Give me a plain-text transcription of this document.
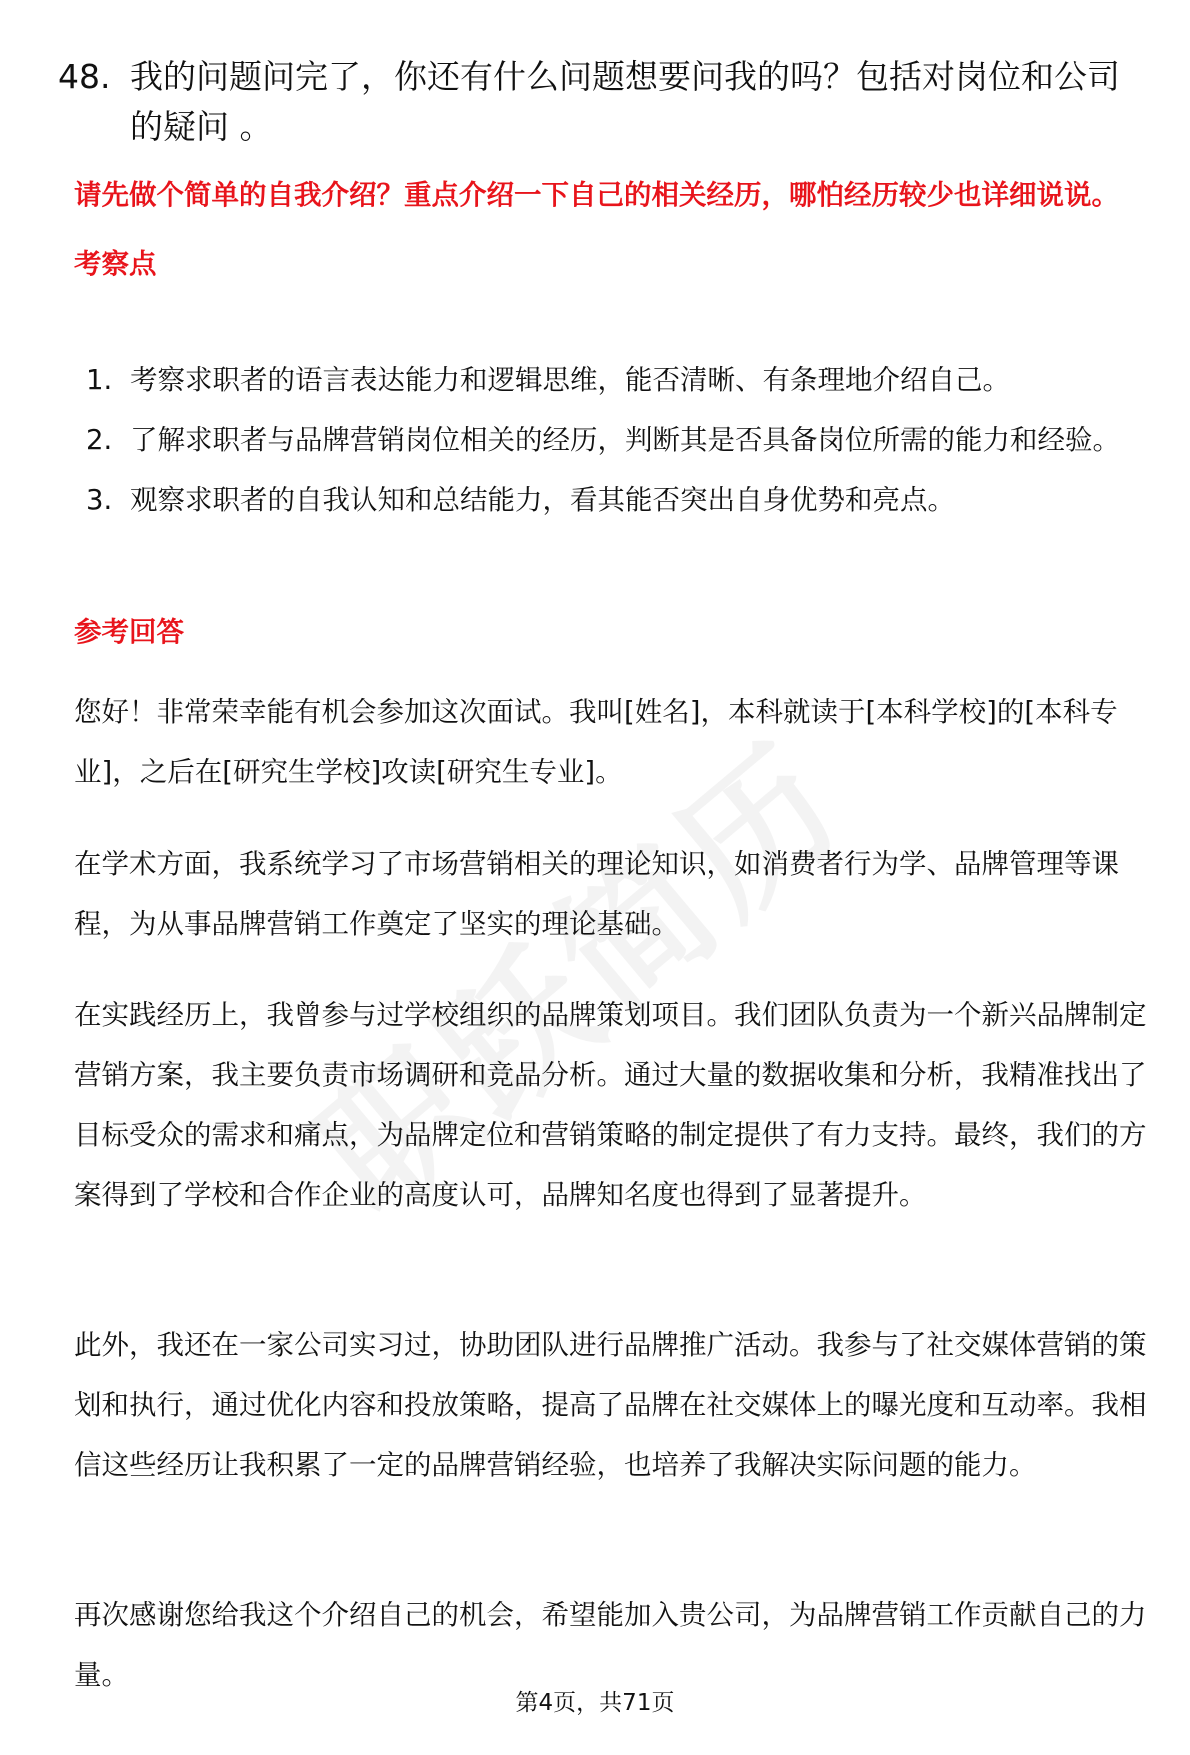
48. 我的问题问完了，你还有什么问题想要问我的吗？包括对岗位和公司的疑问 。
请先做个简单的自我介绍？重点介绍一下自己的相关经历，哪怕经历较少也详细说说。
考察点
1. 考察求职者的语言表达能力和逻辑思维，能否清晰、有条理地介绍自己。
2. 了解求职者与品牌营销岗位相关的经历，判断其是否具备岗位所需的能力和经验。
3. 观察求职者的自我认知和总结能力，看其能否突出自身优势和亮点。
参考回答
您好！非常荣幸能有机会参加这次面试。我叫[姓名]，本科就读于[本科学校]的[本科专业]，之后在[研究生学校]攻读[研究生专业]。
在学术方面，我系统学习了市场营销相关的理论知识，如消费者行为学、品牌管理等课程，为从事品牌营销工作奠定了坚实的理论基础。
在实践经历上，我曾参与过学校组织的品牌策划项目。我们团队负责为一个新兴品牌制定营销方案，我主要负责市场调研和竞品分析。通过大量的数据收集和分析，我精准找出了目标受众的需求和痛点，为品牌定位和营销策略的制定提供了有力支持。最终，我们的方案得到了学校和合作企业的高度认可，品牌知名度也得到了显著提升。
此外，我还在一家公司实习过，协助团队进行品牌推广活动。我参与了社交媒体营销的策划和执行，通过优化内容和投放策略，提高了品牌在社交媒体上的曝光度和互动率。我相信这些经历让我积累了一定的品牌营销经验，也培养了我解决实际问题的能力。
再次感谢您给我这个介绍自己的机会，希望能加入贵公司，为品牌营销工作贡献自己的力量。
第4页，共71页
